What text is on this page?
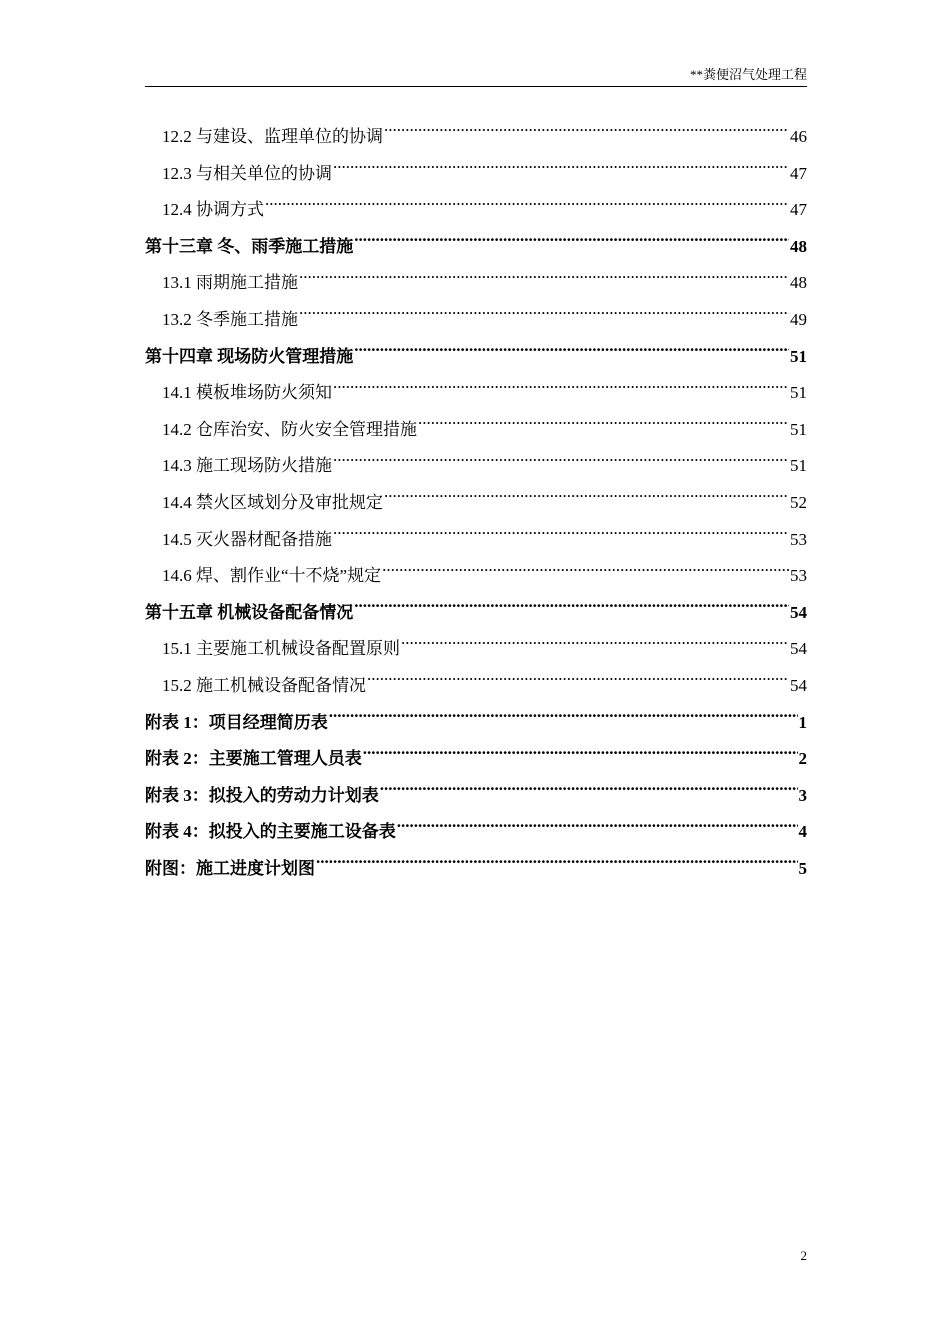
**粪便沼气处理工程
12.2 与建设、监理单位的协调 .....	46
12.3 与相关单位的协调 .....	47
12.4 协调方式 .....	47
第十三章 冬、雨季施工措施 .....	48
13.1 雨期施工措施 .....	48
13.2 冬季施工措施 .....	49
第十四章 现场防火管理措施 .....	51
14.1 模板堆场防火须知 .....	51
14.2 仓库治安、防火安全管理措施 .....	51
14.3 施工现场防火措施 .....	51
14.4 禁火区域划分及审批规定 .....	52
14.5 灭火器材配备措施 .....	53
14.6 焊、割作业“十不烧”规定 .....	53
第十五章 机械设备配备情况 .....	54
15.1 主要施工机械设备配置原则 .....	54
15.2 施工机械设备配备情况 .....	54
附表 1：项目经理简历表 .....	1
附表 2：主要施工管理人员表 .....	2
附表 3：拟投入的劳动力计划表 .....	3
附表 4：拟投入的主要施工设备表 .....	4
附图：施工进度计划图 .....	5
2
